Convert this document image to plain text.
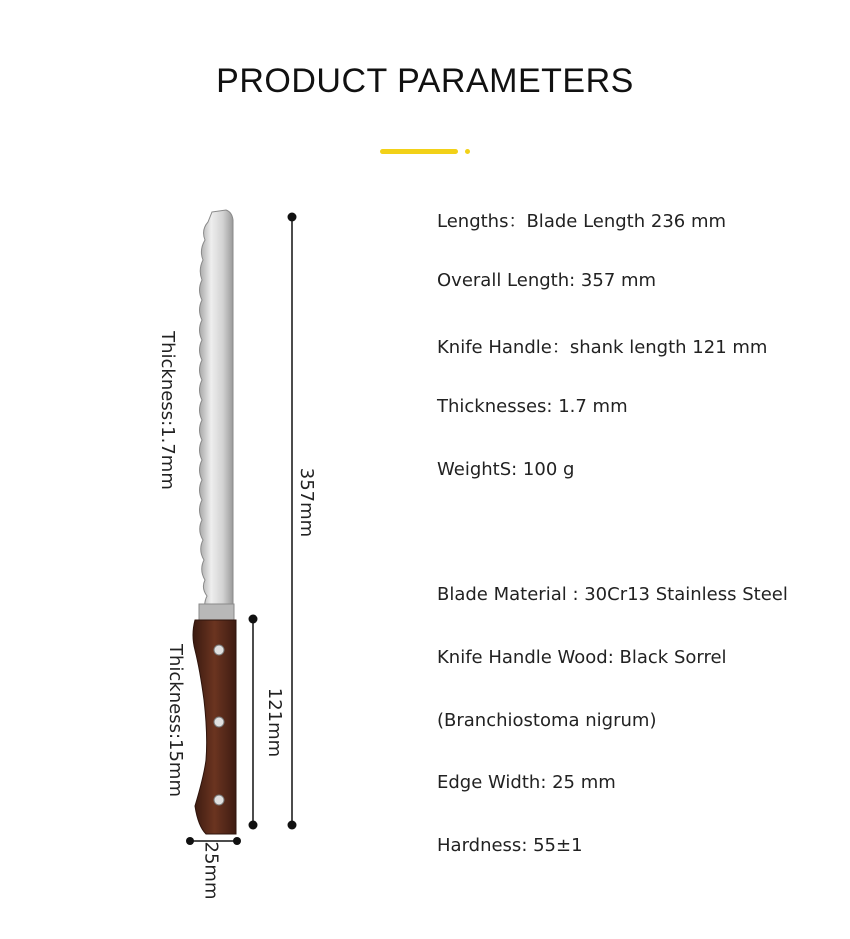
PRODUCT PARAMETERS
Thickness:1.7mm
Thickness:15mm
357mm
121mm
25mm
Lengths：Blade Length 236 mm
Overall Length: 357 mm
Knife Handle：shank length 121 mm
Thicknesses: 1.7 mm
WeightS: 100 g
Blade Material : 30Cr13 Stainless Steel
Knife Handle Wood: Black Sorrel
(Branchiostoma nigrum)
Edge Width: 25 mm
Hardness: 55±1
